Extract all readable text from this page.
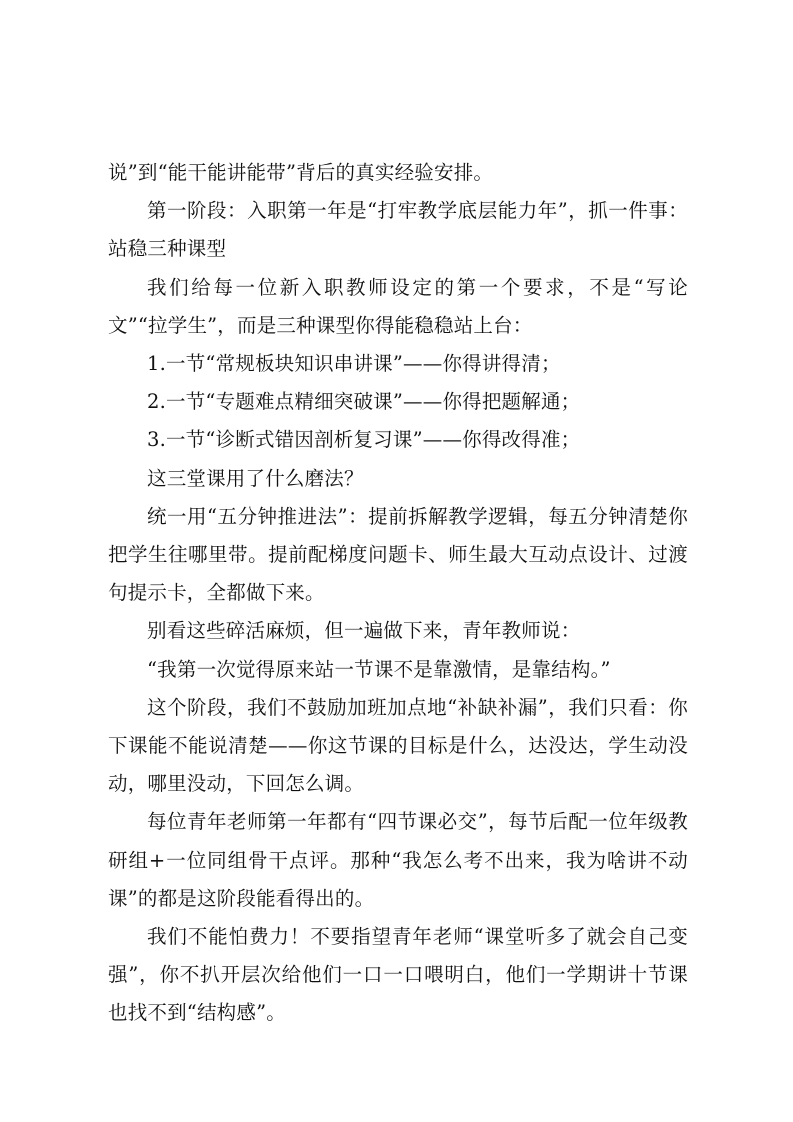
说”到“能干能讲能带”背后的真实经验安排。

第一阶段：入职第一年是“打牢教学底层能力年”，抓一件事：站稳三种课型

我们给每一位新入职教师设定的第一个要求，不是“写论文”“拉学生”，而是三种课型你得能稳稳站上台：

1.一节“常规板块知识串讲课”——你得讲得清；

2.一节“专题难点精细突破课”——你得把题解通；

3.一节“诊断式错因剖析复习课”——你得改得准；

这三堂课用了什么磨法？

统一用“五分钟推进法”：提前拆解教学逻辑，每五分钟清楚你把学生往哪里带。提前配梯度问题卡、师生最大互动点设计、过渡句提示卡，全都做下来。

别看这些碎活麻烦，但一遍做下来，青年教师说：

“我第一次觉得原来站一节课不是靠激情，是靠结构。”

这个阶段，我们不鼓励加班加点地“补缺补漏”，我们只看：你下课能不能说清楚——你这节课的目标是什么，达没达，学生动没动，哪里没动，下回怎么调。

每位青年老师第一年都有“四节课必交”，每节后配一位年级教研组+一位同组骨干点评。那种“我怎么考不出来，我为啥讲不动课”的都是这阶段能看得出的。

我们不能怕费力！不要指望青年老师“课堂听多了就会自己变强”，你不扒开层次给他们一口一口喂明白，他们一学期讲十节课也找不到“结构感”。
